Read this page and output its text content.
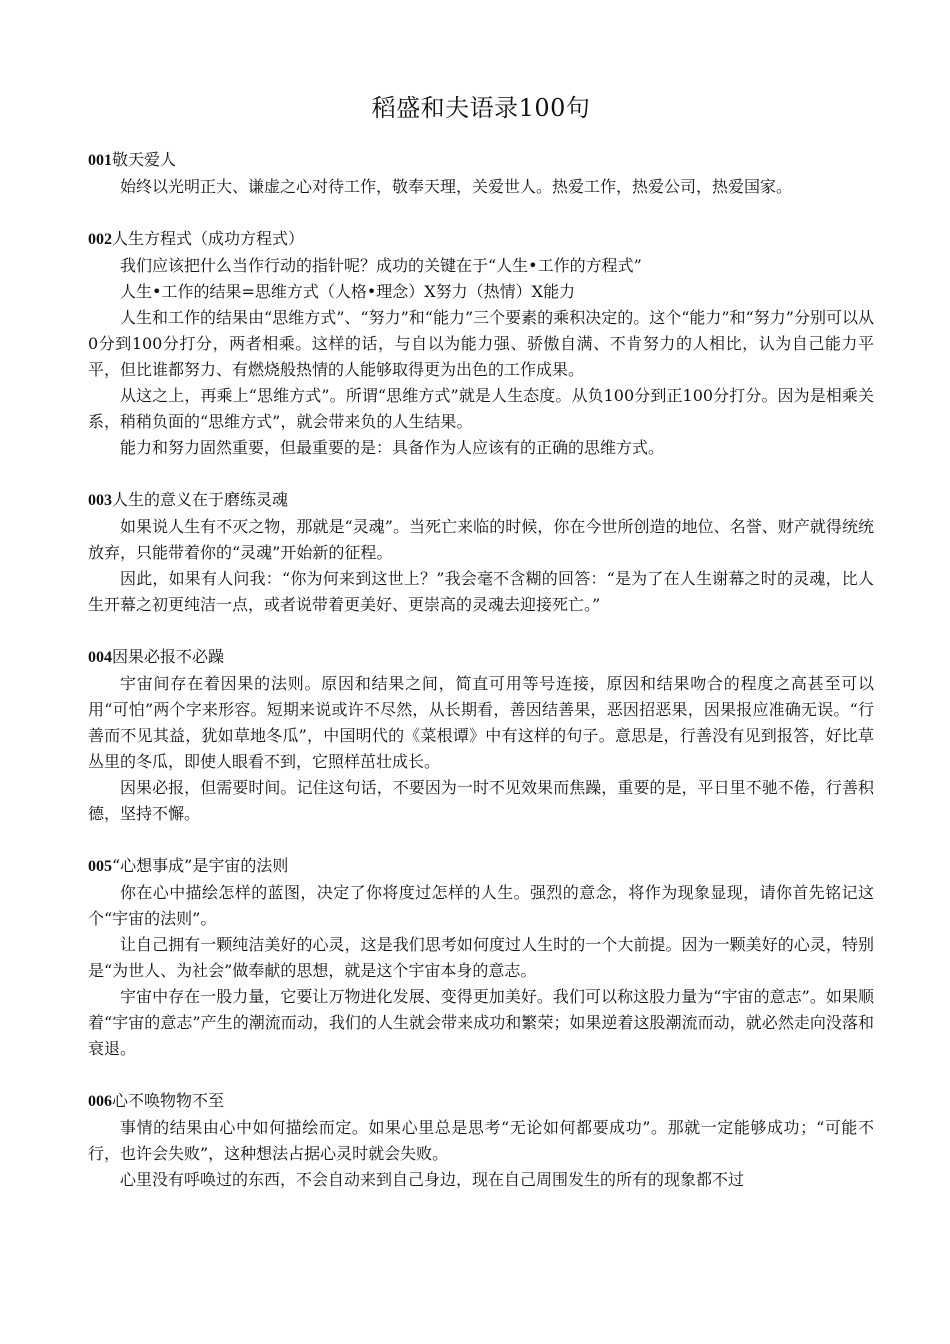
稻盛和夫语录100句

001敬天爱人

始终以光明正大、谦虚之心对待工作，敬奉天理，关爱世人。热爱工作，热爱公司，热爱国家。

002人生方程式（成功方程式）

我们应该把什么当作行动的指针呢？成功的关键在于“人生•工作的方程式”

人生•工作的结果=思维方式（人格•理念）X努力（热情）X能力

人生和工作的结果由“思维方式”、“努力”和“能力”三个要素的乘积决定的。这个“能力”和“努力”分别可以从0分到100分打分，两者相乘。这样的话，与自以为能力强、骄傲自满、不肯努力的人相比，认为自己能力平平，但比谁都努力、有燃烧般热情的人能够取得更为出色的工作成果。

从这之上，再乘上“思维方式”。所谓“思维方式”就是人生态度。从负100分到正100分打分。因为是相乘关系，稍稍负面的“思维方式”，就会带来负的人生结果。

能力和努力固然重要，但最重要的是：具备作为人应该有的正确的思维方式。

003人生的意义在于磨练灵魂

如果说人生有不灭之物，那就是“灵魂”。当死亡来临的时候，你在今世所创造的地位、名誉、财产就得统统放弃，只能带着你的“灵魂”开始新的征程。

因此，如果有人问我：“你为何来到这世上？”我会毫不含糊的回答：“是为了在人生谢幕之时的灵魂，比人生开幕之初更纯洁一点，或者说带着更美好、更崇高的灵魂去迎接死亡。”

004因果必报不必躁

宇宙间存在着因果的法则。原因和结果之间，简直可用等号连接，原因和结果吻合的程度之高甚至可以用“可怕”两个字来形容。短期来说或许不尽然，从长期看，善因结善果，恶因招恶果，因果报应准确无误。“行善而不见其益，犹如草地冬瓜”，中国明代的《菜根谭》中有这样的句子。意思是，行善没有见到报答，好比草丛里的冬瓜，即使人眼看不到，它照样茁壮成长。

因果必报，但需要时间。记住这句话，不要因为一时不见效果而焦躁，重要的是，平日里不驰不倦，行善积德，坚持不懈。

005“心想事成”是宇宙的法则

你在心中描绘怎样的蓝图，决定了你将度过怎样的人生。强烈的意念，将作为现象显现，请你首先铭记这个“宇宙的法则”。

让自己拥有一颗纯洁美好的心灵，这是我们思考如何度过人生时的一个大前提。因为一颗美好的心灵，特别是“为世人、为社会”做奉献的思想，就是这个宇宙本身的意志。

宇宙中存在一股力量，它要让万物进化发展、变得更加美好。我们可以称这股力量为“宇宙的意志”。如果顺着“宇宙的意志”产生的潮流而动，我们的人生就会带来成功和繁荣；如果逆着这股潮流而动，就必然走向没落和衰退。

006心不唤物物不至

事情的结果由心中如何描绘而定。如果心里总是思考“无论如何都要成功”。那就一定能够成功；“可能不行，也许会失败”，这种想法占据心灵时就会失败。

心里没有呼唤过的东西，不会自动来到自己身边，现在自己周围发生的所有的现象都不过
